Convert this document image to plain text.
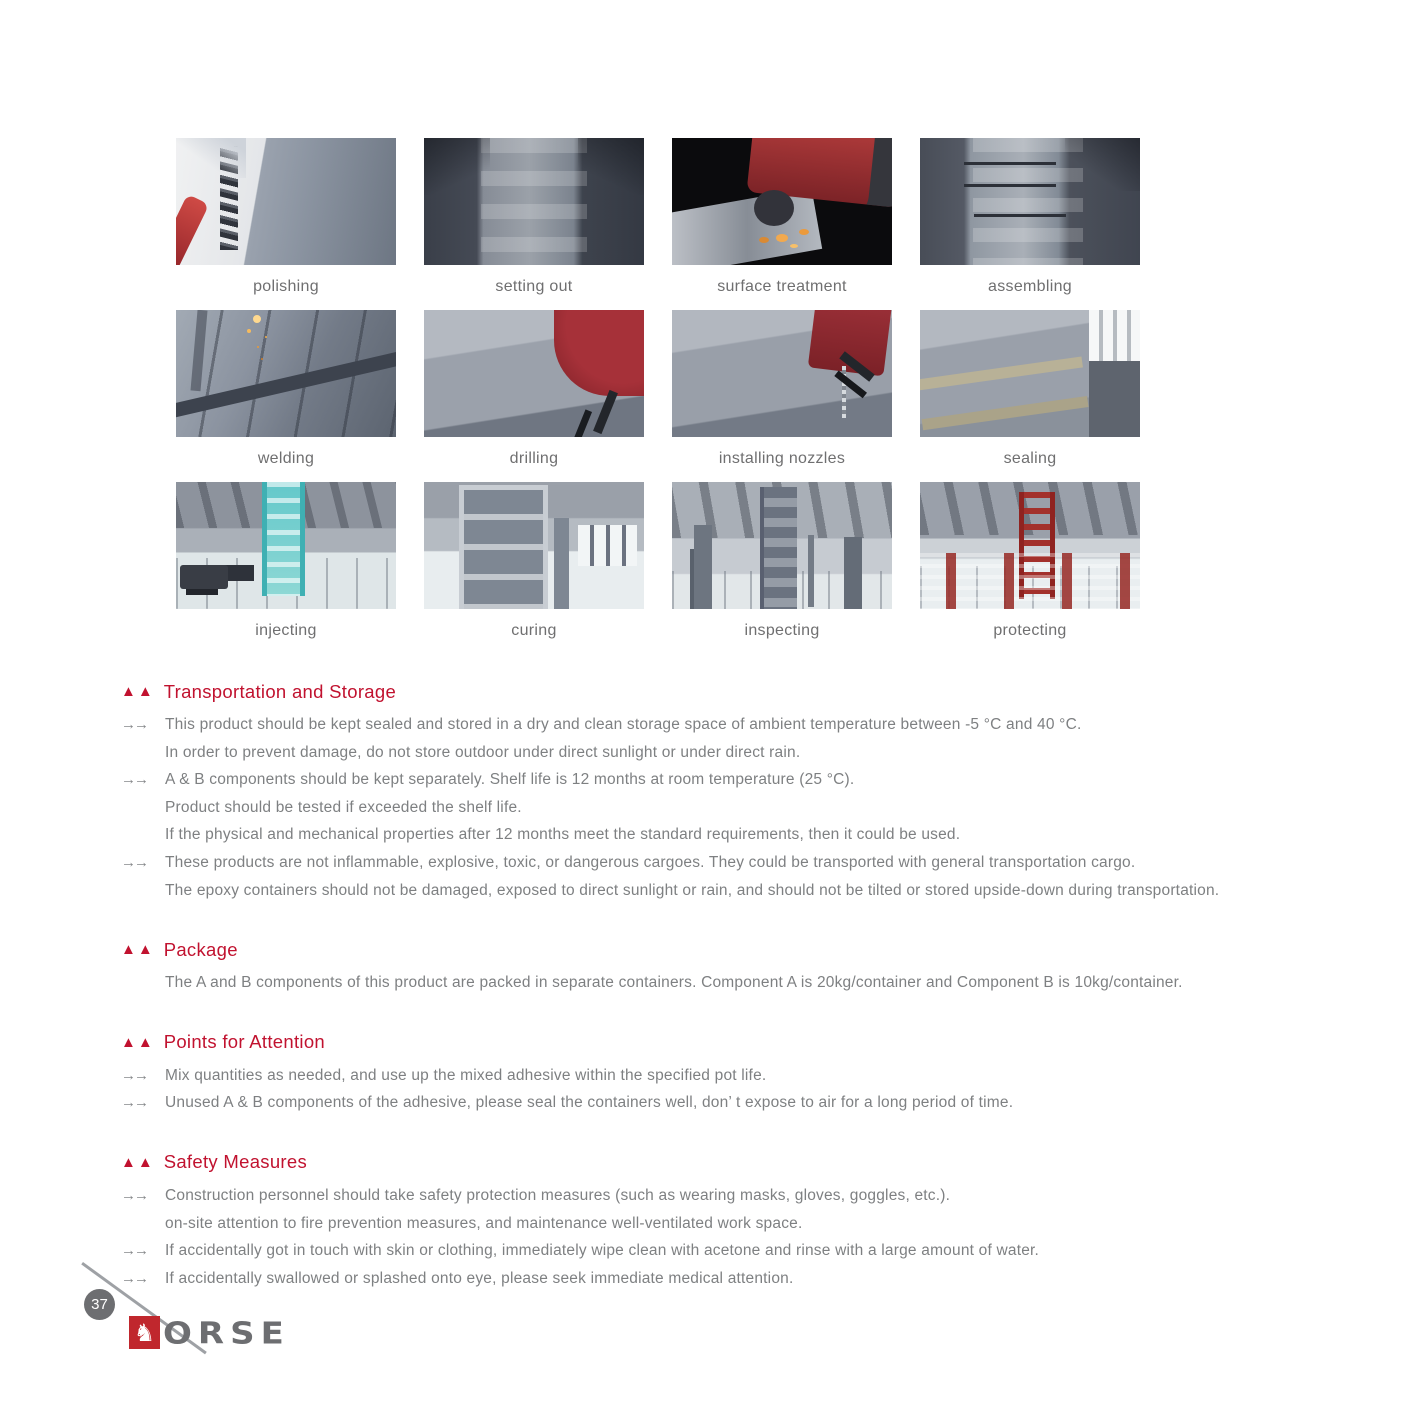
polishing	setting out	surface treatment	assembling
welding	drilling	installing nozzles	sealing
injecting	curing	inspecting	protecting
▲▲ Transportation and Storage
→→	This product should be kept sealed and stored in a dry and clean storage space of ambient temperature between -5 °C and 40 °C.
In order to prevent damage, do not store outdoor under direct sunlight or under direct rain.
→→	A & B components should be kept separately. Shelf life is 12 months at room temperature (25 °C).
Product should be tested if exceeded the shelf life.
If the physical and mechanical properties after 12 months meet the standard requirements, then it could be used.
→→	These products are not inflammable, explosive, toxic, or dangerous cargoes. They could be transported with general transportation cargo.
The epoxy containers should not be damaged, exposed to direct sunlight or rain, and should not be tilted or stored upside-down during transportation.
▲▲ Package
The A and B components of this product are packed in separate containers. Component A is 20kg/container and Component B is 10kg/container.
▲▲ Points for Attention
→→	Mix quantities as needed, and use up the mixed adhesive within the specified pot life.
→→	Unused A & B components of the adhesive, please seal the containers well, don’ t expose to air for a long period of time.
▲▲ Safety Measures
→→	Construction personnel should take safety protection measures (such as wearing masks, gloves, goggles, etc.).
on-site attention to fire prevention measures, and maintenance well-ventilated work space.
→→	If accidentally got in touch with skin or clothing, immediately wipe clean with acetone and rinse with a large amount of water.
→→	If accidentally swallowed or splashed onto eye, please seek immediate medical attention.
37
♞ ORSE
